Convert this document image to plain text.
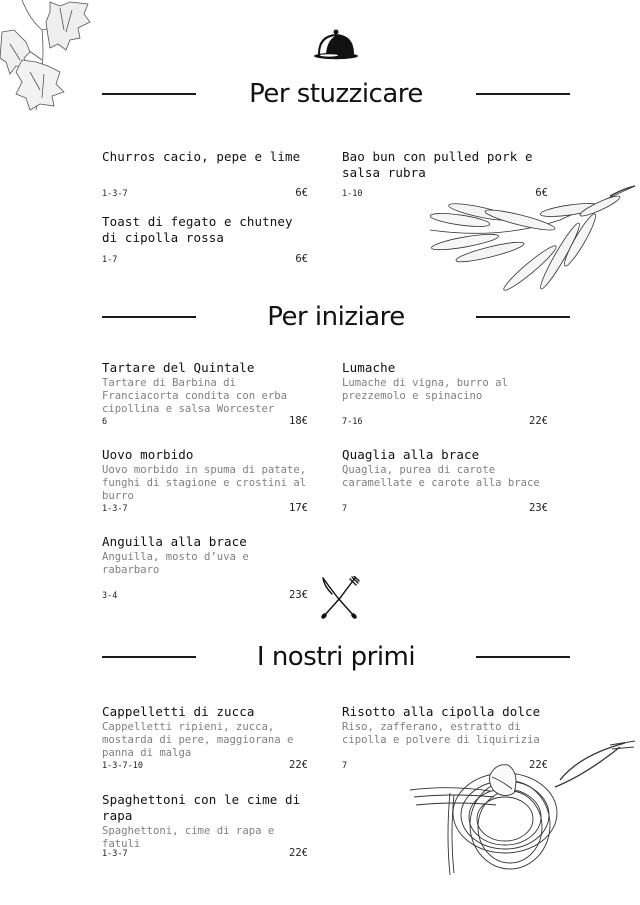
Per stuzzicare
Churros cacio, pepe e lime
1-3-7	6€
Bao bun con pulled pork e salsa rubra
1-10	6€
Toast di fegato e chutney di cipolla rossa
1-7	6€
Per iniziare
Tartare del Quintale
Tartare di Barbina di Franciacorta condita con erba cipollina e salsa Worcester
6	18€
Lumache
Lumache di vigna, burro al prezzemolo e spinacino
7-16	22€
Uovo morbido
Uovo morbido in spuma di patate, funghi di stagione e crostini al burro
1-3-7	17€
Quaglia alla brace
Quaglia, purea di carote caramellate e carote alla brace
7	23€
Anguilla alla brace
Anguilla, mosto d’uva e rabarbaro
3-4	23€
I nostri primi
Cappelletti di zucca
Cappelletti ripieni, zucca, mostarda di pere, maggiorana e panna di malga
1-3-7-10	22€
Risotto alla cipolla dolce
Riso, zafferano, estratto di cipolla e polvere di liquirizia
7	22€
Spaghettoni con le cime di rapa
Spaghettoni, cime di rapa e fatuli
1-3-7	22€
